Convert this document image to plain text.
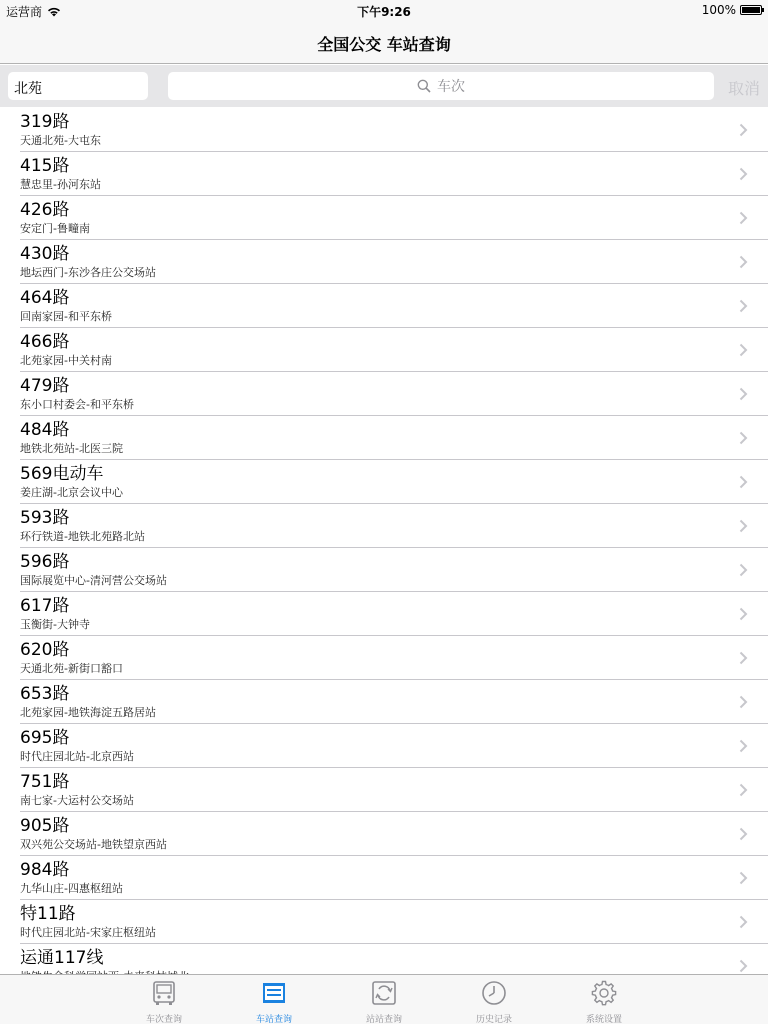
运营商	下午9:26	100%
全国公交 车站查询
北苑	车次	取消
319路
天通北苑-大屯东
415路
慧忠里-孙河东站
426路
安定门-鲁疃南
430路
地坛西门-东沙各庄公交场站
464路
回南家园-和平东桥
466路
北苑家园-中关村南
479路
东小口村委会-和平东桥
484路
地铁北苑站-北医三院
569电动车
姜庄湖-北京会议中心
593路
环行铁道-地铁北苑路北站
596路
国际展览中心-清河营公交场站
617路
玉衡街-大钟寺
620路
天通北苑-新街口豁口
653路
北苑家园-地铁海淀五路居站
695路
时代庄园北站-北京西站
751路
南七家-大运村公交场站
905路
双兴苑公交场站-地铁望京西站
984路
九华山庄-四惠枢纽站
特11路
时代庄园北站-宋家庄枢纽站
运通117线
车次查询	车站查询	站站查询	历史记录	系统设置
